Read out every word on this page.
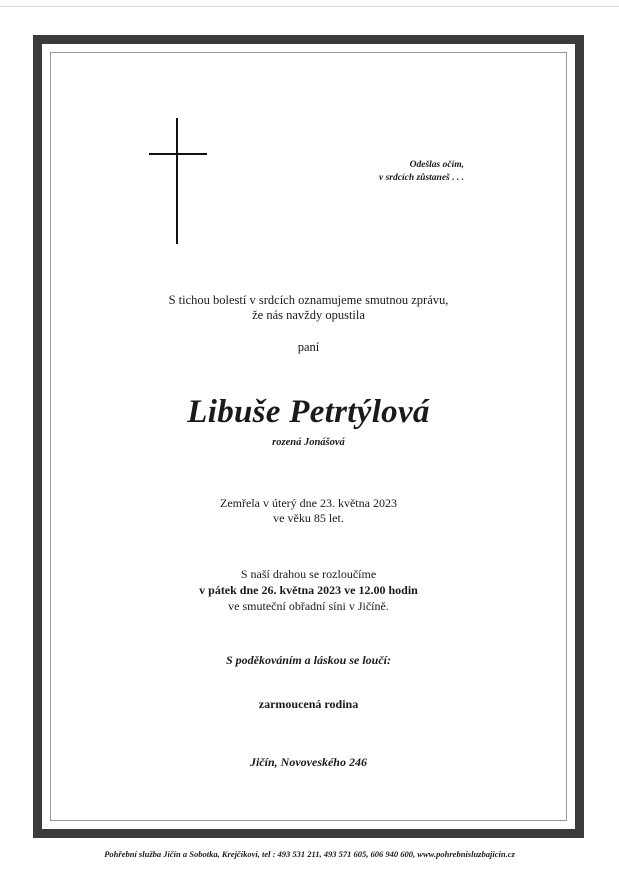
Odešlas očím,
v srdcích zůstaneš . . .
S tichou bolestí v srdcích oznamujeme smutnou zprávu,
že nás navždy opustila
paní
Libuše Petrtýlová
rozená Jonášová
Zemřela v úterý dne 23. května 2023
ve věku 85 let.
S naší drahou se rozloučíme
v pátek dne 26. května 2023 ve 12.00 hodin
ve smuteční obřadní síni v Jičíně.
S poděkováním a láskou se loučí:
zarmoucená rodina
Jičín, Novoveského 246
Pohřební služba Jičín a Sobotka, Krejčíkovi, tel : 493 531 211, 493 571 605, 606 940 600, www.pohrebnisluzbajicin.cz
